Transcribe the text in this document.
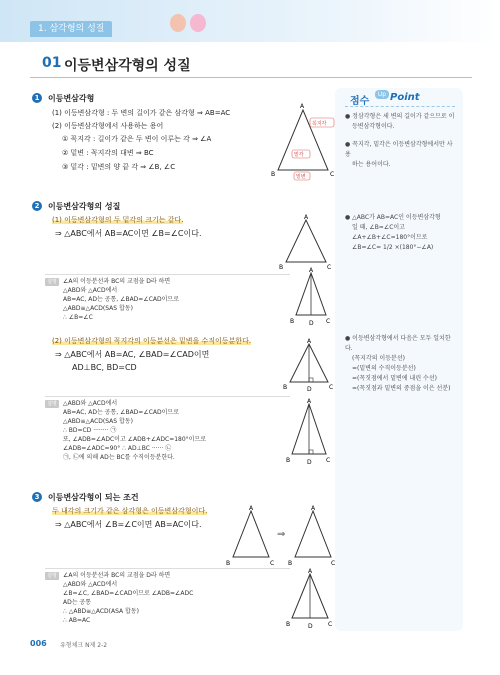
1. 삼각형의 성질
01 이등변삼각형의 성질
점수
Up Point
● 정삼각형은 세 변의 길이가 같으므로 이
등변삼각형이다.
● 꼭지각, 밑각은 이등변삼각형에서만 사용
하는 용어이다.
● △ABC가 AB=AC인 이등변삼각형
일 때, ∠B=∠C이고
∠A+∠B+∠C=180°이므로
∠B=∠C= 1/2 ×(180°−∠A)
● 이등변삼각형에서 다음은 모두 일치한다.
(꼭지각의 이등분선)
=(밑변의 수직이등분선)
=(꼭짓점에서 밑변에 내린 수선)
=(꼭짓점과 밑변의 중점을 이은 선분)
1	이등변삼각형
(1) 이등변삼각형 : 두 변의 길이가 같은 삼각형 ⇒ AB=AC
(2) 이등변삼각형에서 사용하는 용어
① 꼭지각 : 길이가 같은 두 변이 이루는 각 ⇒ ∠A
② 밑변 : 꼭지각의 대변 ⇒ BC
③ 밑각 : 밑변의 양 끝 각 ⇒ ∠B, ∠C
A
B	C
꼭지각
밑각
밑변
2	이등변삼각형의 성질
(1) 이등변삼각형의 두 밑각의 크기는 같다.
⇒ △ABC에서 AB=AC이면 ∠B=∠C이다.
A
B	C
설명	∠A의 이등분선과 BC의 교점을 D라 하면
△ABD와 △ACD에서
AB=AC, AD는 공통, ∠BAD=∠CAD이므로
△ABD≡△ACD(SAS 합동)
∴ ∠B=∠C
A
B	C
D
(2) 이등변삼각형의 꼭지각의 이등분선은 밑변을 수직이등분한다.
⇒ △ABC에서 AB=AC, ∠BAD=∠CAD이면
AD⊥BC, BD=CD
A
B	C
D
설명	△ABD와 △ACD에서
AB=AC, AD는 공통, ∠BAD=∠CAD이므로
△ABD≡△ACD(SAS 합동)
∴ BD=CD ········ ㉠
또, ∠ADB=∠ADC이고 ∠ADB+∠ADC=180°이므로
∠ADB=∠ADC=90° ∴ AD⊥BC ······ ㉡
㉠, ㉡에 의해 AD는 BC를 수직이등분한다.
A
B	C
D
3	이등변삼각형이 되는 조건
두 내각의 크기가 같은 삼각형은 이등변삼각형이다.
⇒ △ABC에서 ∠B=∠C이면 AB=AC이다.
A
B	C
⇒
A
B	C
설명	∠A의 이등분선과 BC의 교점을 D라 하면
△ABD와 △ACD에서
∠B=∠C, ∠BAD=∠CAD이므로 ∠ADB=∠ADC
AD는 공통
∴ △ABD≡△ACD(ASA 합동)
∴ AB=AC
A
B	C
D
006 유형체크 N제 2-2
